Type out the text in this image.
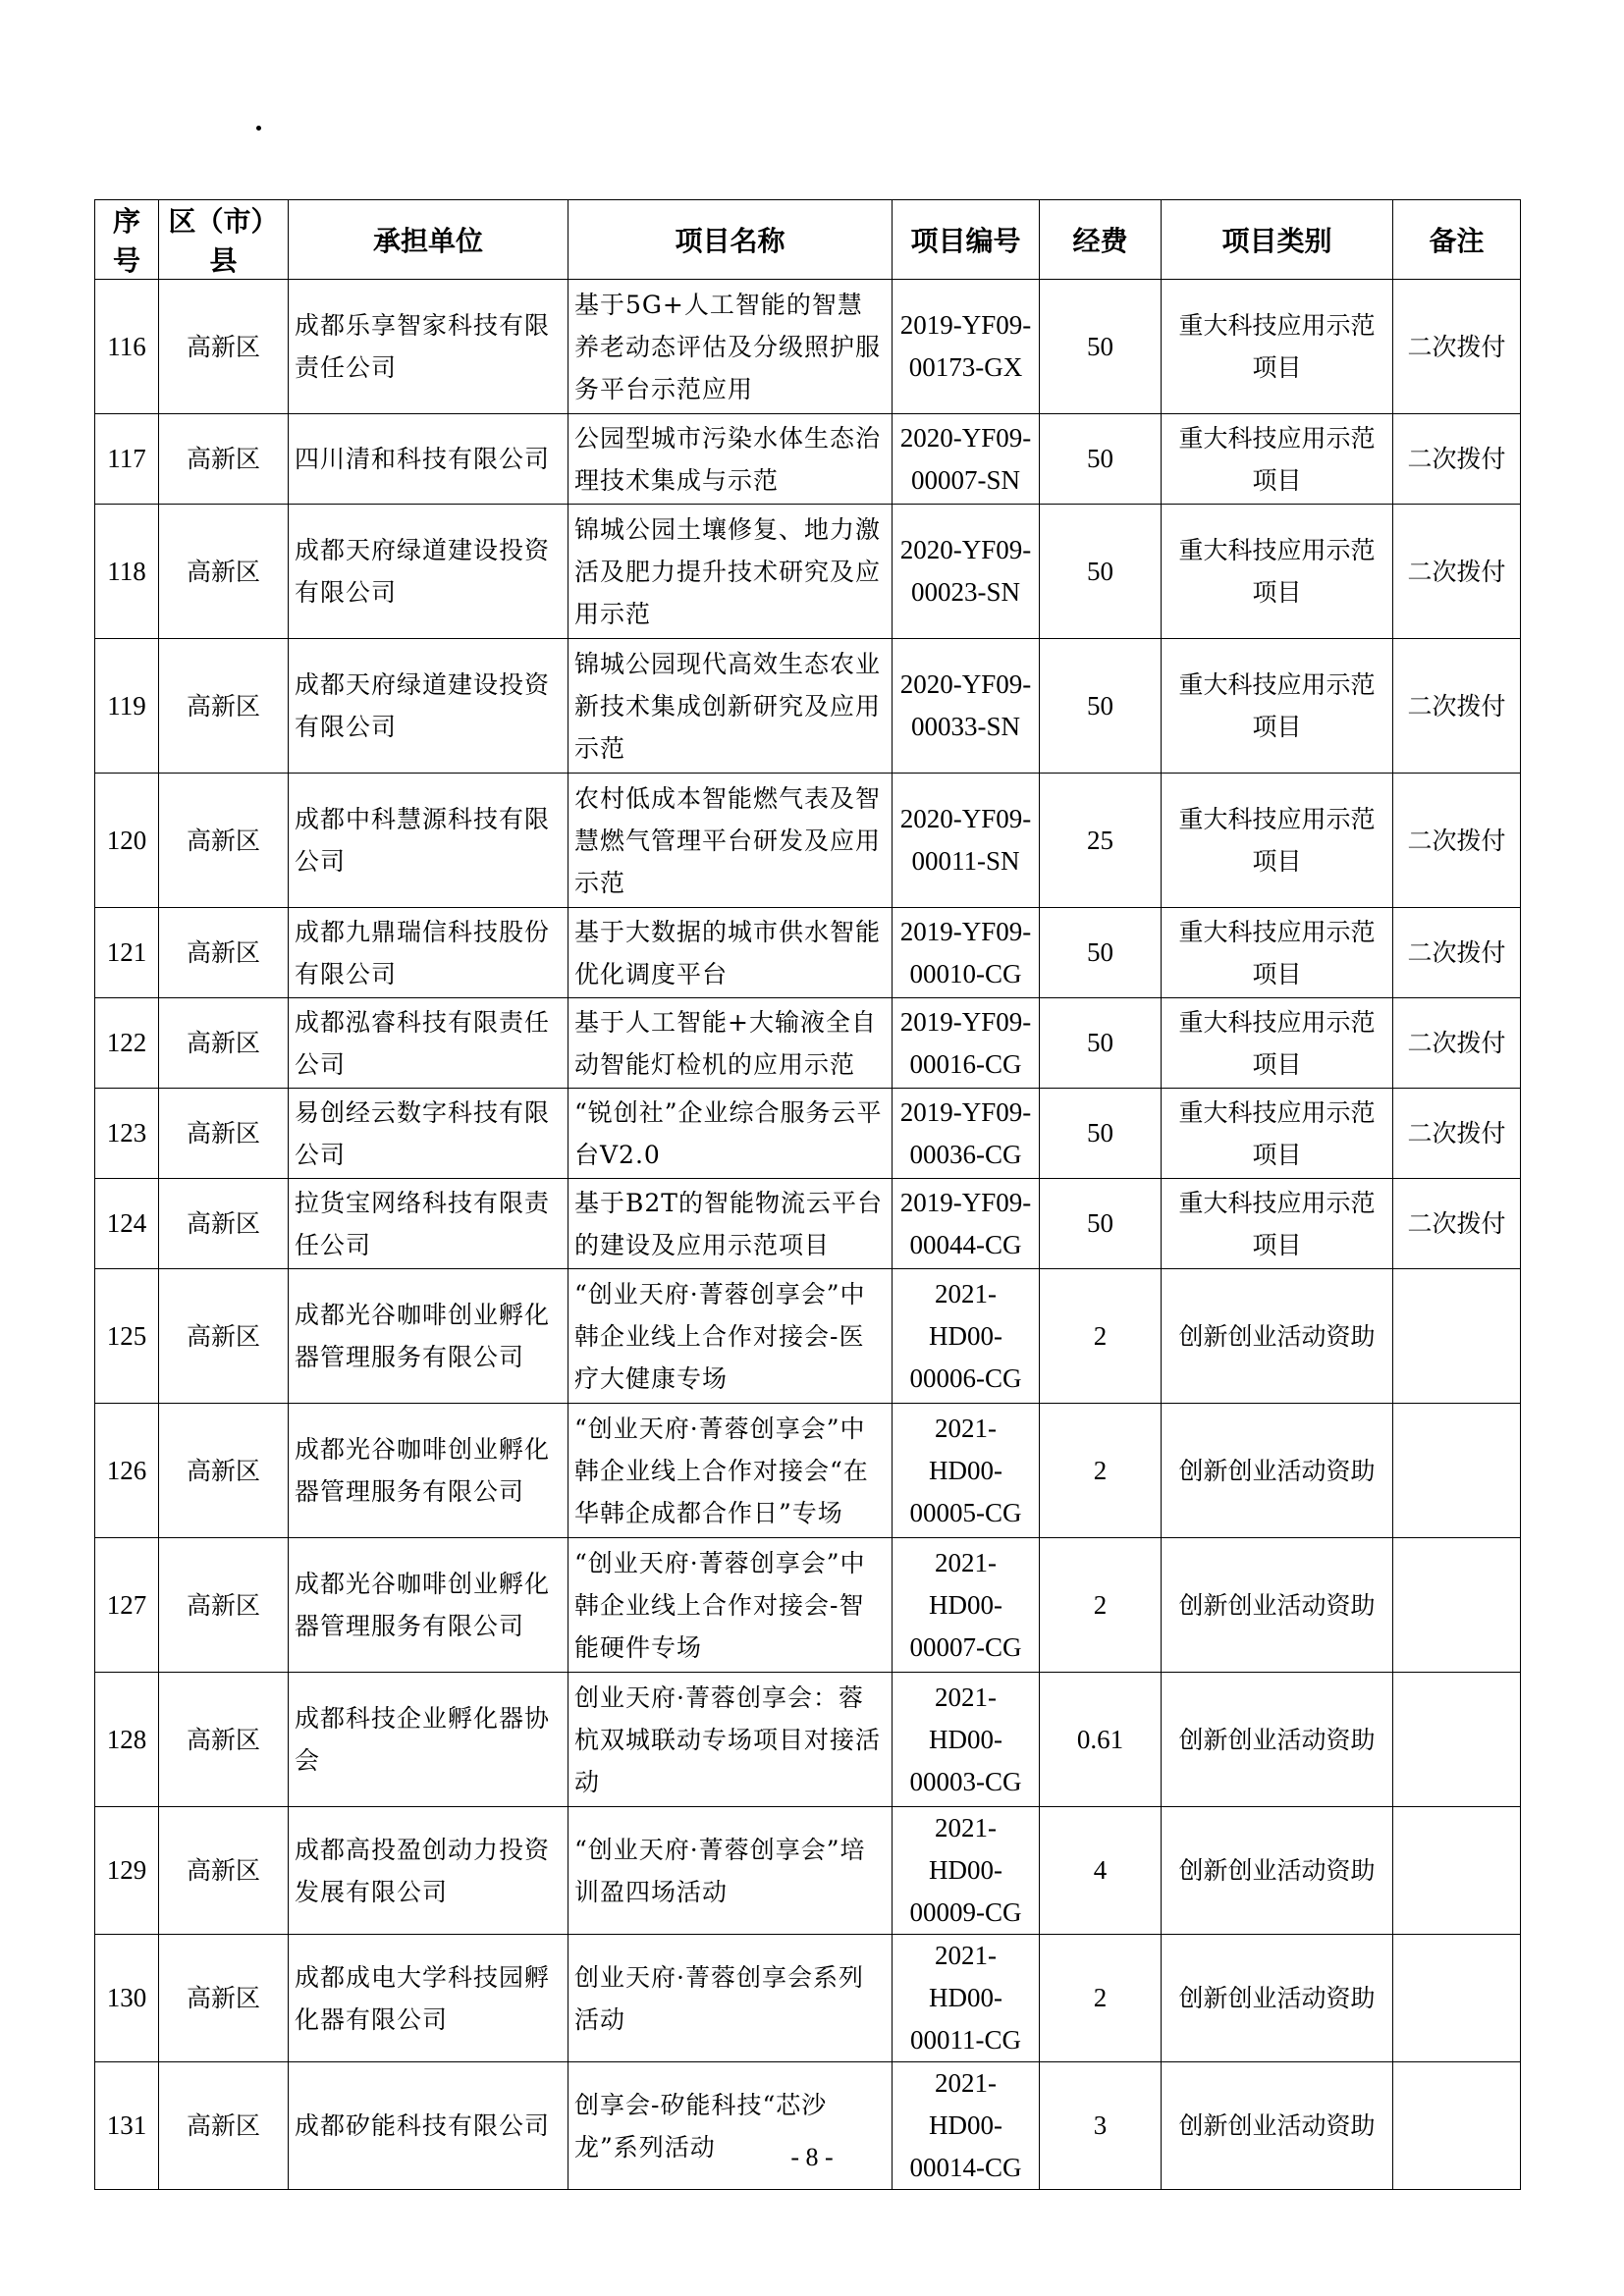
序号	区（市）县	承担单位	项目名称	项目编号	经费	项目类别	备注
116	高新区	成都乐享智家科技有限责任公司	基于5G+人工智能的智慧养老动态评估及分级照护服务平台示范应用	2019-YF09-00173-GX	50	重大科技应用示范项目	二次拨付
117	高新区	四川清和科技有限公司	公园型城市污染水体生态治理技术集成与示范	2020-YF09-00007-SN	50	重大科技应用示范项目	二次拨付
118	高新区	成都天府绿道建设投资有限公司	锦城公园土壤修复、地力激活及肥力提升技术研究及应用示范	2020-YF09-00023-SN	50	重大科技应用示范项目	二次拨付
119	高新区	成都天府绿道建设投资有限公司	锦城公园现代高效生态农业新技术集成创新研究及应用示范	2020-YF09-00033-SN	50	重大科技应用示范项目	二次拨付
120	高新区	成都中科慧源科技有限公司	农村低成本智能燃气表及智慧燃气管理平台研发及应用示范	2020-YF09-00011-SN	25	重大科技应用示范项目	二次拨付
121	高新区	成都九鼎瑞信科技股份有限公司	基于大数据的城市供水智能优化调度平台	2019-YF09-00010-CG	50	重大科技应用示范项目	二次拨付
122	高新区	成都泓睿科技有限责任公司	基于人工智能+大输液全自动智能灯检机的应用示范	2019-YF09-00016-CG	50	重大科技应用示范项目	二次拨付
123	高新区	易创经云数字科技有限公司	“锐创社”企业综合服务云平台V2.0	2019-YF09-00036-CG	50	重大科技应用示范项目	二次拨付
124	高新区	拉货宝网络科技有限责任公司	基于B2T的智能物流云平台的建设及应用示范项目	2019-YF09-00044-CG	50	重大科技应用示范项目	二次拨付
125	高新区	成都光谷咖啡创业孵化器管理服务有限公司	“创业天府·菁蓉创享会”中韩企业线上合作对接会-医疗大健康专场	2021-HD00-00006-CG	2	创新创业活动资助	
126	高新区	成都光谷咖啡创业孵化器管理服务有限公司	“创业天府·菁蓉创享会”中韩企业线上合作对接会“在华韩企成都合作日”专场	2021-HD00-00005-CG	2	创新创业活动资助	
127	高新区	成都光谷咖啡创业孵化器管理服务有限公司	“创业天府·菁蓉创享会”中韩企业线上合作对接会-智能硬件专场	2021-HD00-00007-CG	2	创新创业活动资助	
128	高新区	成都科技企业孵化器协会	创业天府·菁蓉创享会：蓉杭双城联动专场项目对接活动	2021-HD00-00003-CG	0.61	创新创业活动资助	
129	高新区	成都高投盈创动力投资发展有限公司	“创业天府·菁蓉创享会”培训盈四场活动	2021-HD00-00009-CG	4	创新创业活动资助	
130	高新区	成都成电大学科技园孵化器有限公司	创业天府·菁蓉创享会系列活动	2021-HD00-00011-CG	2	创新创业活动资助	
131	高新区	成都矽能科技有限公司	创享会-矽能科技“芯沙龙”系列活动	2021-HD00-00014-CG	3	创新创业活动资助	
- 8 -
